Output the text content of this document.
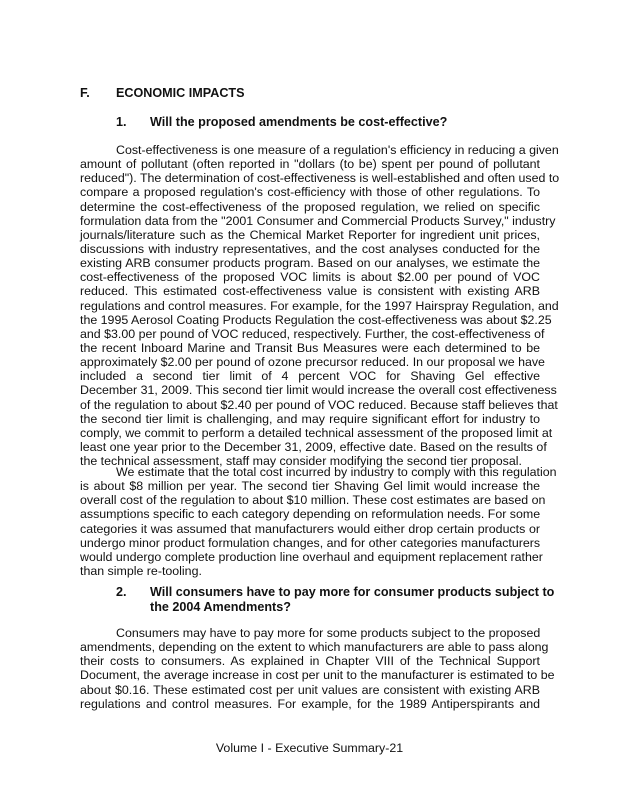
F. ECONOMIC IMPACTS
1. Will the proposed amendments be cost-effective?
Cost-effectiveness is one measure of a regulation's efficiency in reducing a given
amount of pollutant (often reported in "dollars (to be) spent per pound of pollutant
reduced"). The determination of cost-effectiveness is well-established and often used to
compare a proposed regulation's cost-efficiency with those of other regulations. To
determine the cost-effectiveness of the proposed regulation, we relied on specific
formulation data from the "2001 Consumer and Commercial Products Survey," industry
journals/literature such as the Chemical Market Reporter for ingredient unit prices,
discussions with industry representatives, and the cost analyses conducted for the
existing ARB consumer products program. Based on our analyses, we estimate the
cost-effectiveness of the proposed VOC limits is about $2.00 per pound of VOC
reduced. This estimated cost-effectiveness value is consistent with existing ARB
regulations and control measures. For example, for the 1997 Hairspray Regulation, and
the 1995 Aerosol Coating Products Regulation the cost-effectiveness was about $2.25
and $3.00 per pound of VOC reduced, respectively. Further, the cost-effectiveness of
the recent Inboard Marine and Transit Bus Measures were each determined to be
approximately $2.00 per pound of ozone precursor reduced. In our proposal we have
included a second tier limit of 4 percent VOC for Shaving Gel effective
December 31, 2009. This second tier limit would increase the overall cost effectiveness
of the regulation to about $2.40 per pound of VOC reduced. Because staff believes that
the second tier limit is challenging, and may require significant effort for industry to
comply, we commit to perform a detailed technical assessment of the proposed limit at
least one year prior to the December 31, 2009, effective date. Based on the results of
the technical assessment, staff may consider modifying the second tier proposal.
We estimate that the total cost incurred by industry to comply with this regulation
is about $8 million per year. The second tier Shaving Gel limit would increase the
overall cost of the regulation to about $10 million. These cost estimates are based on
assumptions specific to each category depending on reformulation needs. For some
categories it was assumed that manufacturers would either drop certain products or
undergo minor product formulation changes, and for other categories manufacturers
would undergo complete production line overhaul and equipment replacement rather
than simple re-tooling.
2. Will consumers have to pay more for consumer products subject to
the 2004 Amendments?
Consumers may have to pay more for some products subject to the proposed
amendments, depending on the extent to which manufacturers are able to pass along
their costs to consumers. As explained in Chapter VIII of the Technical Support
Document, the average increase in cost per unit to the manufacturer is estimated to be
about $0.16. These estimated cost per unit values are consistent with existing ARB
regulations and control measures. For example, for the 1989 Antiperspirants and
Volume I - Executive Summary-21
